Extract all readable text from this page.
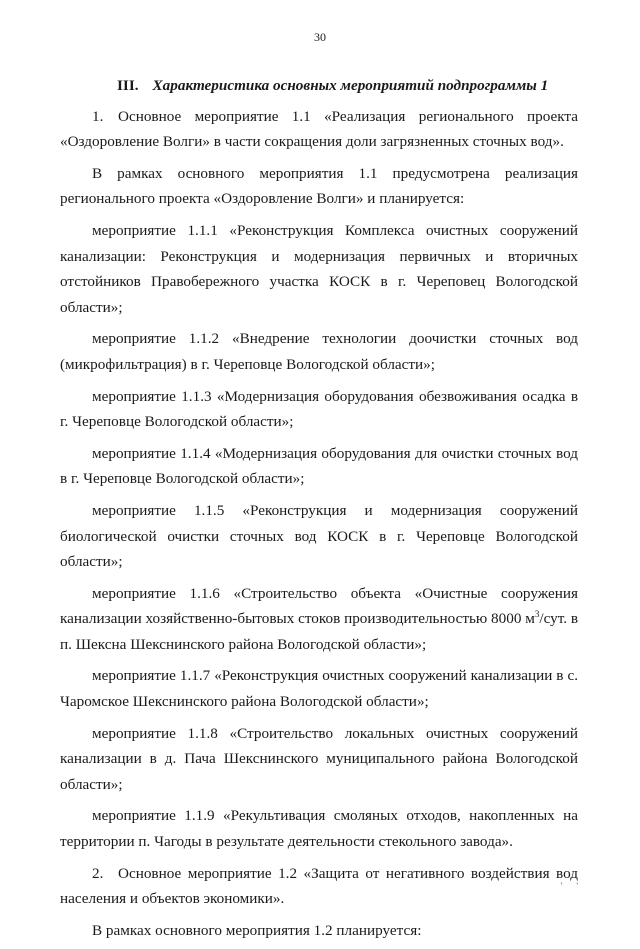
30

III. Характеристика основных мероприятий подпрограммы 1

1. Основное мероприятие 1.1 «Реализация регионального проекта «Оздоровление Волги» в части сокращения доли загрязненных сточных вод».

В рамках основного мероприятия 1.1 предусмотрена реализация регионального проекта «Оздоровление Волги» и планируется:

мероприятие 1.1.1 «Реконструкция Комплекса очистных сооружений канализации: Реконструкция и модернизация первичных и вторичных отстойников Правобережного участка КОСК в г. Череповец Вологодской области»;

мероприятие 1.1.2 «Внедрение технологии доочистки сточных вод (микрофильтрация) в г. Череповце Вологодской области»;

мероприятие 1.1.3 «Модернизация оборудования обезвоживания осадка в г. Череповце Вологодской области»;

мероприятие 1.1.4 «Модернизация оборудования для очистки сточных вод в г. Череповце Вологодской области»;

мероприятие 1.1.5 «Реконструкция и модернизация сооружений биологической очистки сточных вод КОСК в г. Череповце Вологодской области»;

мероприятие 1.1.6 «Строительство объекта «Очистные сооружения канализации хозяйственно-бытовых стоков производительностью 8000 $м^3$/сут. в п. Шексна Шекснинского района Вологодской области»;

мероприятие 1.1.7 «Реконструкция очистных сооружений канализации в с. Чаромское Шекснинского района Вологодской области»;

мероприятие 1.1.8 «Строительство локальных очистных сооружений канализации в д. Пача Шекснинского муниципального района Вологодской области»;

мероприятие 1.1.9 «Рекультивация смоляных отходов, накопленных на территории п. Чагоды в результате деятельности стекольного завода».

2. Основное мероприятие 1.2 «Защита от негативного воздействия вод населения и объектов экономики».

В рамках основного мероприятия 1.2 планируется:

' '
